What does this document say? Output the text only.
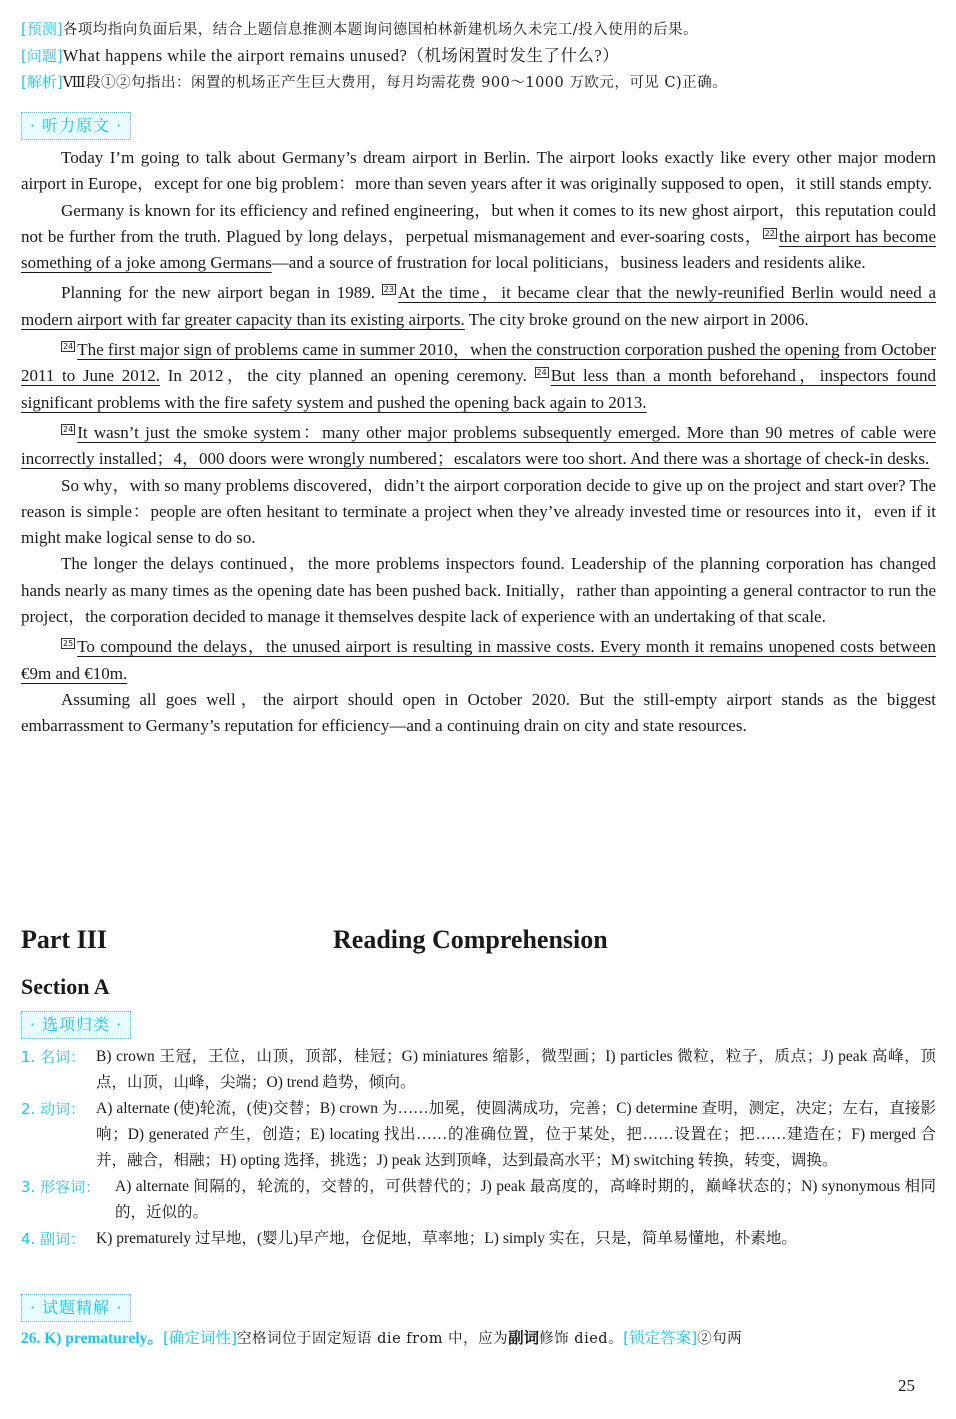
[预测]各项均指向负面后果，结合上题信息推测本题询问德国柏林新建机场久未完工/投入使用的后果。
[问题]What happens while the airport remains unused?（机场闲置时发生了什么?）
[解析]Ⅷ段①②句指出：闲置的机场正产生巨大费用，每月均需花费 900～1000 万欧元，可见 C)正确。
· 听力原文 ·

Today I’m going to talk about Germany’s dream airport in Berlin. The airport looks exactly like every other major modern airport in Europe，except for one big problem：more than seven years after it was originally supposed to open，it still stands empty.

Germany is known for its efficiency and refined engineering，but when it comes to its new ghost airport，this reputation could not be further from the truth. Plagued by long delays，perpetual mismanagement and ever-soaring costs， 22 the airport has become something of a joke among Germans—and a source of frustration for local politicians，business leaders and residents alike.

Planning for the new airport began in 1989. 23 At the time，it became clear that the newly-reunified Berlin would need a modern airport with far greater capacity than its existing airports. The city broke ground on the new airport in 2006.

24 The first major sign of problems came in summer 2010，when the construction corporation pushed the opening from October 2011 to June 2012. In 2012，the city planned an opening ceremony. 24 But less than a month beforehand，inspectors found significant problems with the fire safety system and pushed the opening back again to 2013.

24 It wasn’t just the smoke system：many other major problems subsequently emerged. More than 90 metres of cable were incorrectly installed；4，000 doors were wrongly numbered；escalators were too short. And there was a shortage of check-in desks.

So why，with so many problems discovered，didn’t the airport corporation decide to give up on the project and start over? The reason is simple：people are often hesitant to terminate a project when they’ve already invested time or resources into it，even if it might make logical sense to do so.

The longer the delays continued，the more problems inspectors found. Leadership of the planning corporation has changed hands nearly as many times as the opening date has been pushed back. Initially，rather than appointing a general contractor to run the project，the corporation decided to manage it themselves despite lack of experience with an undertaking of that scale.

25 To compound the delays，the unused airport is resulting in massive costs. Every month it remains unopened costs between €9m and €10m.

Assuming all goes well，the airport should open in October 2020. But the still-empty airport stands as the biggest embarrassment to Germany’s reputation for efficiency—and a continuing drain on city and state resources.

Part III	Reading Comprehension
Section A
· 选项归类 ·
1. 名词： B) crown 王冠，王位，山顶，顶部，桂冠；G) miniatures 缩影，微型画；I) particles 微粒，粒子，质点；J) peak 高峰，顶点，山顶，山峰，尖端；O) trend 趋势，倾向。
2. 动词： A) alternate (使)轮流，(使)交替；B) crown 为……加冕，使圆满成功，完善；C) determine 查明，测定，决定；左右，直接影响；D) generated 产生，创造；E) locating 找出……的准确位置，位于某处，把……设置在；把……建造在；F) merged 合并，融合，相融；H) opting 选择，挑选；J) peak 达到顶峰，达到最高水平；M) switching 转换，转变，调换。
3. 形容词： A) alternate 间隔的，轮流的，交替的，可供替代的；J) peak 最高度的，高峰时期的，巅峰状态的；N) synonymous 相同的，近似的。
4. 副词： K) prematurely 过早地，(婴儿)早产地，仓促地，草率地；L) simply 实在，只是，简单易懂地，朴素地。
· 试题精解 ·
26. K) prematurely。[确定词性]空格词位于固定短语 die from 中，应为副词修饰 died。[锁定答案]②句两
25
